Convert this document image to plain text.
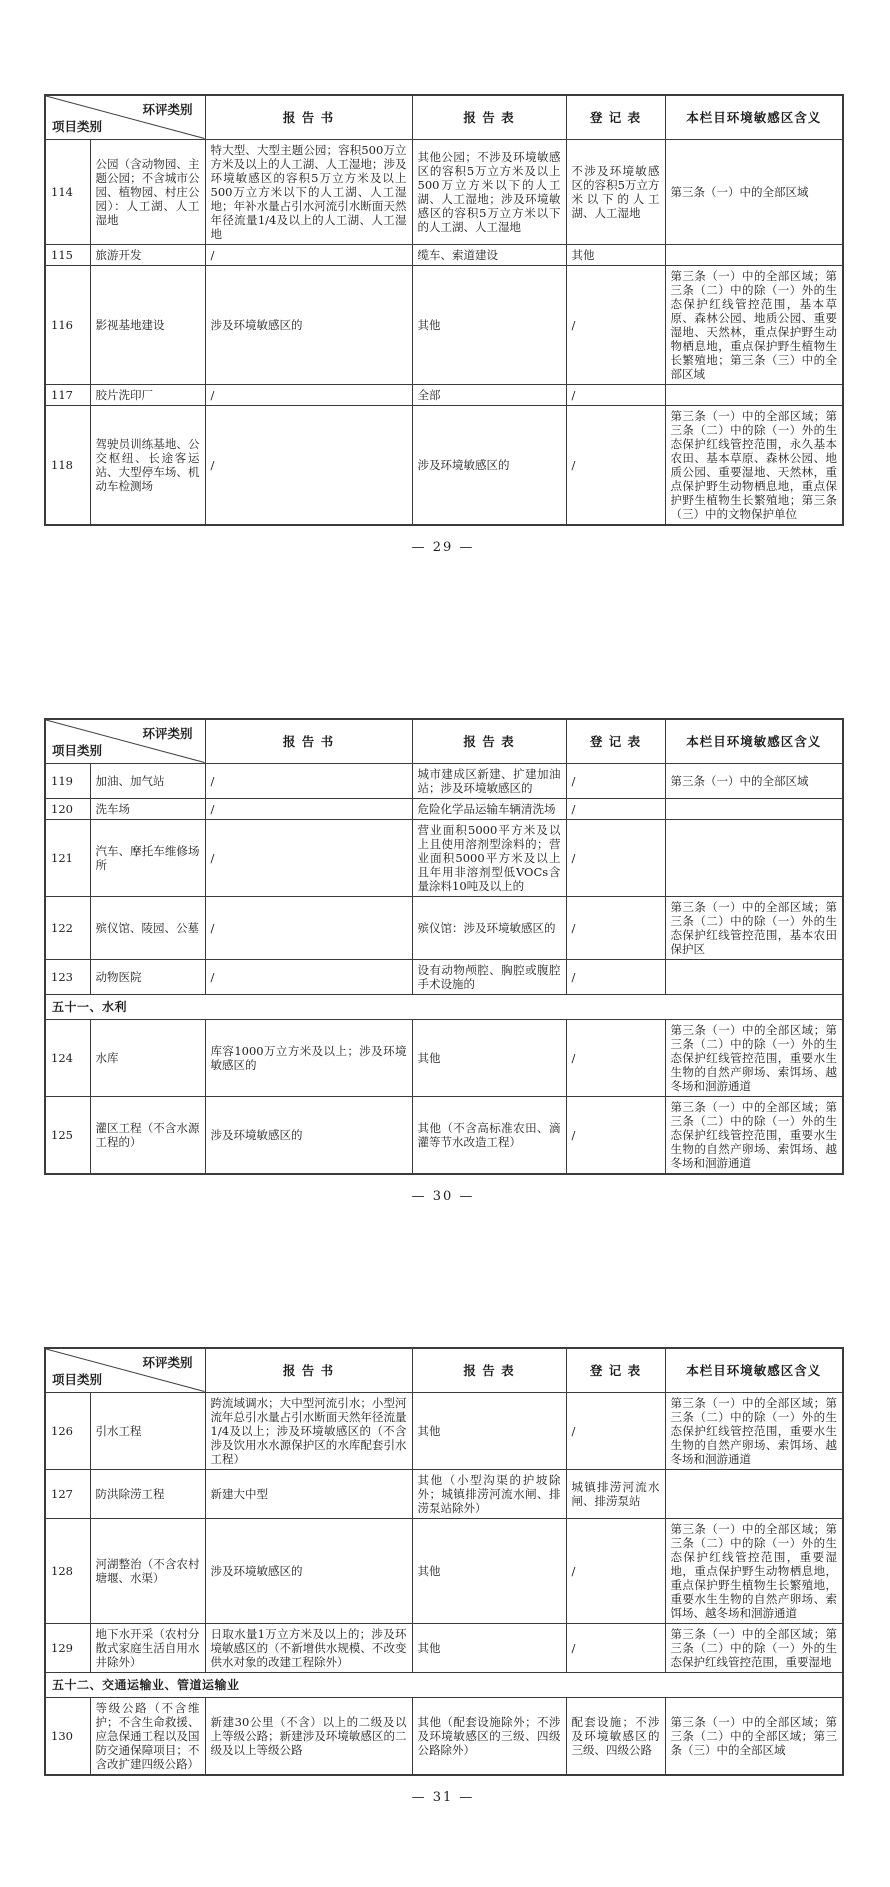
环评类别
项目类别		报 告 书	报 告 表	登 记 表	本栏目环境敏感区含义
114	公园（含动物园、主题公园；不含城市公园、植物园、村庄公园）：人工湖、人工湿地	特大型、大型主题公园；容积500万立方米及以上的人工湖、人工湿地；涉及环境敏感区的容积5万立方米及以上500万立方米以下的人工湖、人工湿地；年补水量占引水河流引水断面天然年径流量1/4及以上的人工湖、人工湿地	其他公园；不涉及环境敏感区的容积5万立方米及以上500万立方米以下的人工湖、人工湿地；涉及环境敏感区的容积5万立方米以下的人工湖、人工湿地	不涉及环境敏感区的容积5万立方米以下的人工湖、人工湿地	第三条（一）中的全部区域
115	旅游开发	/	缆车、索道建设	其他	
116	影视基地建设	涉及环境敏感区的	其他	/	第三条（一）中的全部区域；第三条（二）中的除（一）外的生态保护红线管控范围，基本草原、森林公园、地质公园、重要湿地、天然林，重点保护野生动物栖息地，重点保护野生植物生长繁殖地；第三条（三）中的全部区域
117	胶片洗印厂	/	全部	/	
118	驾驶员训练基地、公交枢纽、长途客运站、大型停车场、机动车检测场	/	涉及环境敏感区的	/	第三条（一）中的全部区域；第三条（二）中的除（一）外的生态保护红线管控范围，永久基本农田、基本草原、森林公园、地质公园、重要湿地、天然林，重点保护野生动物栖息地，重点保护野生植物生长繁殖地；第三条（三）中的文物保护单位
— 29 —
环评类别
项目类别		报 告 书	报 告 表	登 记 表	本栏目环境敏感区含义
119	加油、加气站	/	城市建成区新建、扩建加油站；涉及环境敏感区的	/	第三条（一）中的全部区域
120	洗车场	/	危险化学品运输车辆清洗场	/	
121	汽车、摩托车维修场所	/	营业面积5000平方米及以上且使用溶剂型涂料的；营业面积5000平方米及以上且年用非溶剂型低VOCs含量涂料10吨及以上的	/	
122	殡仪馆、陵园、公墓	/	殡仪馆：涉及环境敏感区的	/	第三条（一）中的全部区域；第三条（二）中的除（一）外的生态保护红线管控范围，基本农田保护区
123	动物医院	/	设有动物颅腔、胸腔或腹腔手术设施的	/	
五十一、水利					
124	水库	库容1000万立方米及以上；涉及环境敏感区的	其他	/	第三条（一）中的全部区域；第三条（二）中的除（一）外的生态保护红线管控范围，重要水生生物的自然产卵场、索饵场、越冬场和洄游通道
125	灌区工程（不含水源工程的）	涉及环境敏感区的	其他（不含高标准农田、滴灌等节水改造工程）	/	第三条（一）中的全部区域；第三条（二）中的除（一）外的生态保护红线管控范围，重要水生生物的自然产卵场、索饵场、越冬场和洄游通道
— 30 —
环评类别
项目类别		报 告 书	报 告 表	登 记 表	本栏目环境敏感区含义
126	引水工程	跨流域调水；大中型河流引水；小型河流年总引水量占引水断面天然年径流量1/4及以上；涉及环境敏感区的（不含涉及饮用水水源保护区的水库配套引水工程）	其他	/	第三条（一）中的全部区域；第三条（二）中的除（一）外的生态保护红线管控范围，重要水生生物的自然产卵场、索饵场、越冬场和洄游通道
127	防洪除涝工程	新建大中型	其他（小型沟渠的护坡除外；城镇排涝河流水闸、排涝泵站除外）	城镇排涝河流水闸、排涝泵站	
128	河湖整治（不含农村塘堰、水渠）	涉及环境敏感区的	其他	/	第三条（一）中的全部区域；第三条（二）中的除（一）外的生态保护红线管控范围，重要湿地，重点保护野生动物栖息地，重点保护野生植物生长繁殖地，重要水生生物的自然产卵场、索饵场、越冬场和洄游通道
129	地下水开采（农村分散式家庭生活自用水井除外）	日取水量1万立方米及以上的；涉及环境敏感区的（不新增供水规模、不改变供水对象的改建工程除外）	其他	/	第三条（一）中的全部区域；第三条（二）中的除（一）外的生态保护红线管控范围，重要湿地
五十二、交通运输业、管道运输业					
130	等级公路（不含维护；不含生命救援、应急保通工程以及国防交通保障项目；不含改扩建四级公路）	新建30公里（不含）以上的二级及以上等级公路；新建涉及环境敏感区的二级及以上等级公路	其他（配套设施除外；不涉及环境敏感区的三级、四级公路除外）	配套设施；不涉及环境敏感区的三级、四级公路	第三条（一）中的全部区域；第三条（二）中的全部区域；第三条（三）中的全部区域
— 31 —
